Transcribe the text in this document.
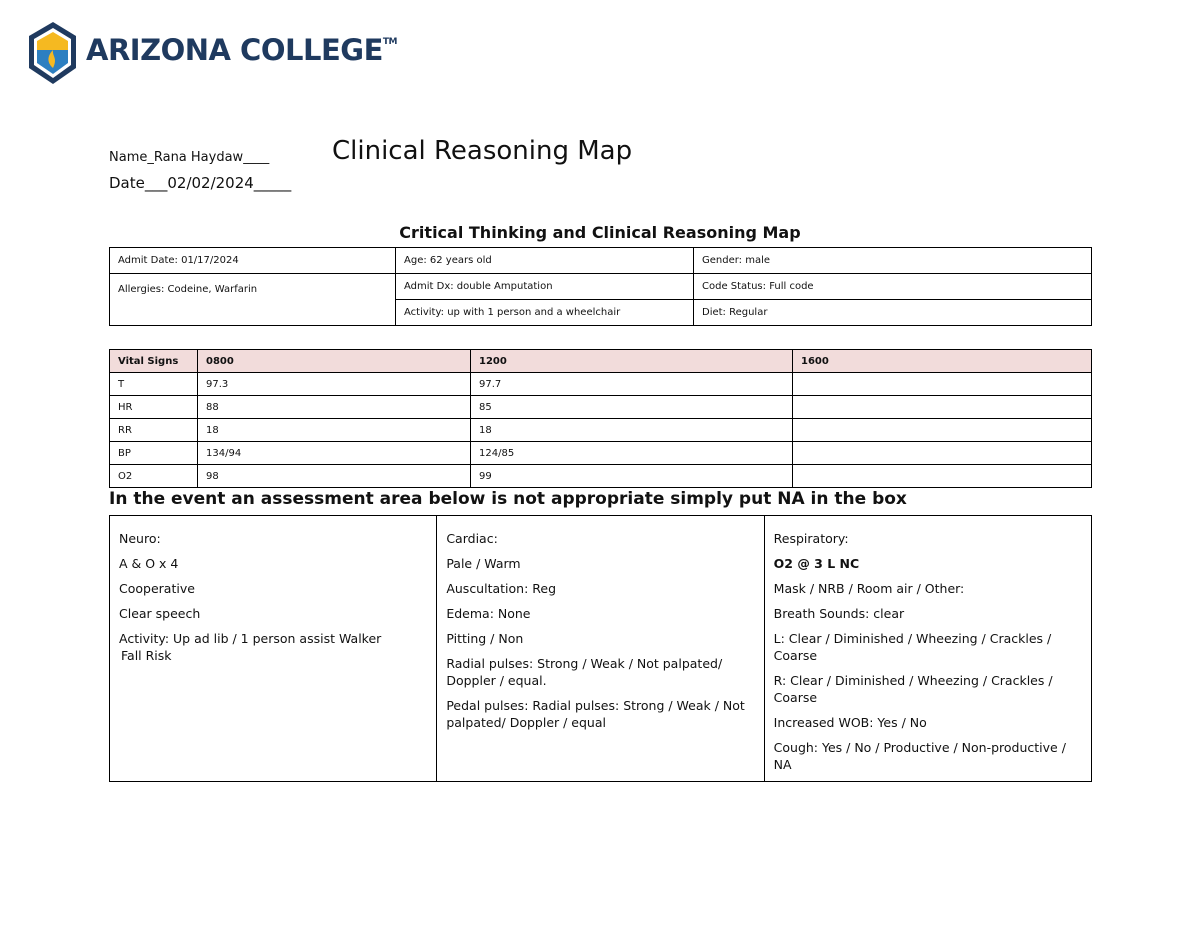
ARIZONA COLLEGE™
Name_Rana Haydaw____
Date___02/02/2024_____
Clinical Reasoning Map
Critical Thinking and Clinical Reasoning Map
Admit Date: 01/17/2024	Age: 62 years old	Gender: male
Allergies: Codeine, Warfarin	Admit Dx: double Amputation	Code Status: Full code
	Activity: up with 1 person and a wheelchair	Diet: Regular
Vital Signs	0800	1200	1600
T	97.3	97.7	
HR	88	85	
RR	18	18	
BP	134/94	124/85	
O2	98	99	
In the event an assessment area below is not appropriate simply put NA in the box
Neuro:
A & O x 4
Cooperative
Clear speech
Activity: Up ad lib / 1 person assist Walker
Fall Risk

Cardiac:
Pale / Warm
Auscultation: Reg
Edema: None
Pitting / Non
Radial pulses: Strong / Weak / Not palpated/ Doppler / equal.
Pedal pulses: Radial pulses: Strong / Weak / Not palpated/ Doppler / equal

Respiratory:
O2 @ 3 L NC
Mask / NRB / Room air / Other:
Breath Sounds: clear
L: Clear / Diminished / Wheezing / Crackles / Coarse
R: Clear / Diminished / Wheezing / Crackles / Coarse
Increased WOB: Yes / No
Cough: Yes / No / Productive / Non-productive / NA
